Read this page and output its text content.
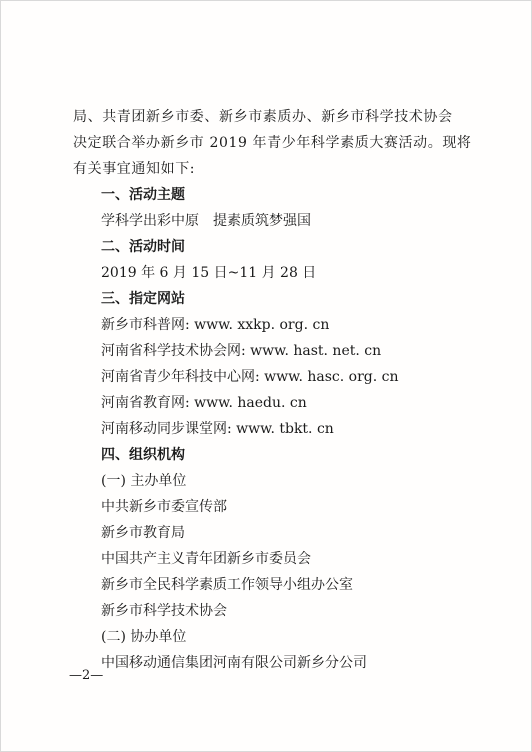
局、共青团新乡市委、新乡市素质办、新乡市科学技术协会
决定联合举办新乡市 2019 年青少年科学素质大赛活动。现将
有关事宜通知如下:
一、活动主题
学科学出彩中原　提素质筑梦强国
二、活动时间
2019 年 6 月 15 日~11 月 28 日
三、指定网站
新乡市科普网: www. xxkp. org. cn
河南省科学技术协会网: www. hast. net. cn
河南省青少年科技中心网: www. hasc. org. cn
河南省教育网: www. haedu. cn
河南移动同步课堂网: www. tbkt. cn
四、组织机构
(一) 主办单位
中共新乡市委宣传部
新乡市教育局
中国共产主义青年团新乡市委员会
新乡市全民科学素质工作领导小组办公室
新乡市科学技术协会
(二) 协办单位
中国移动通信集团河南有限公司新乡分公司
—2—
